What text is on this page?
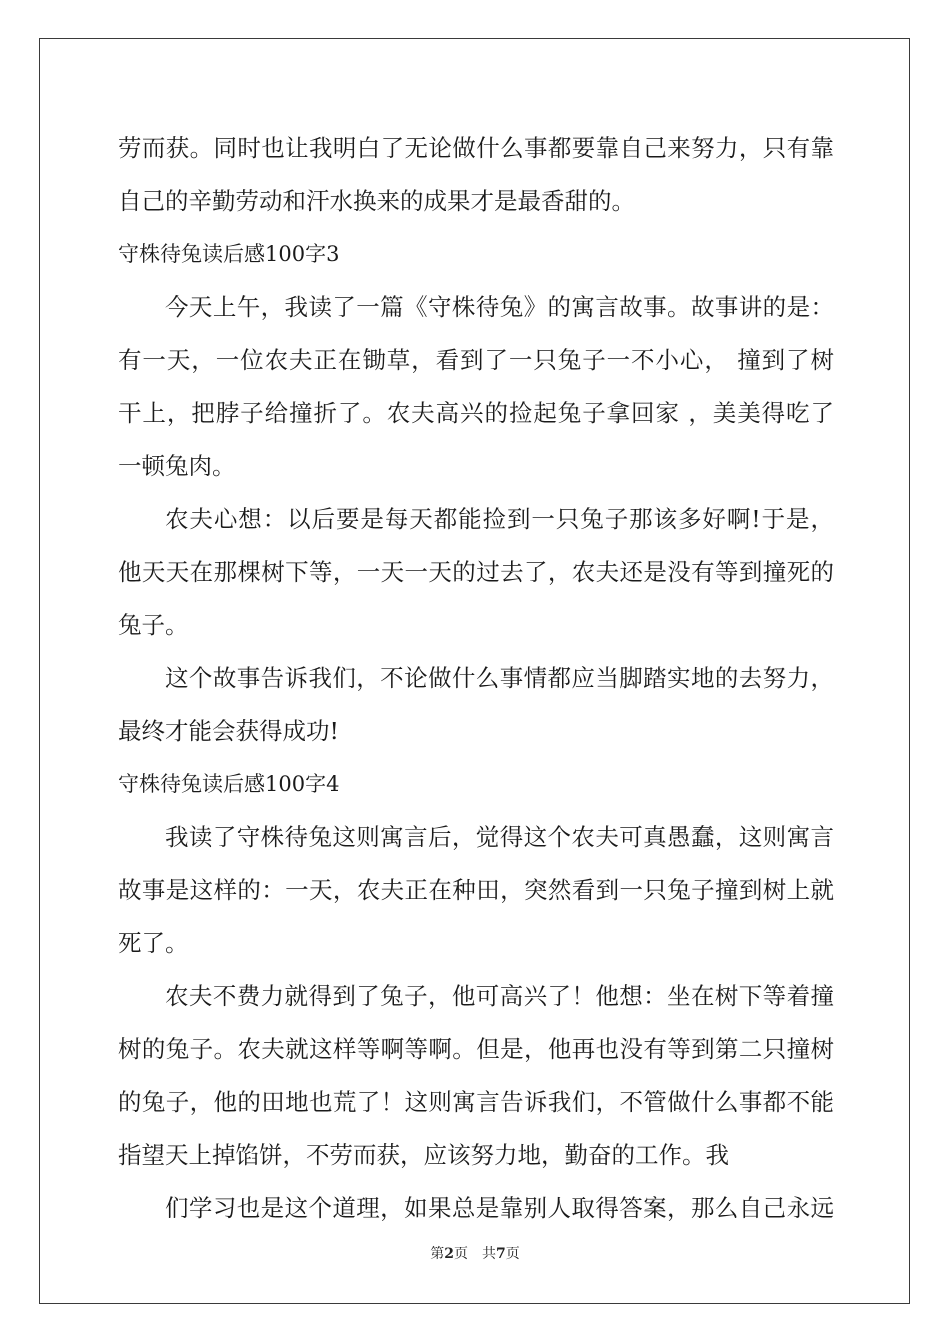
劳而获。同时也让我明白了无论做什么事都要靠自己来努力，只有靠
自己的辛勤劳动和汗水换来的成果才是最香甜的。
守株待兔读后感100字3
今天上午，我读了一篇《守株待兔》的寓言故事。故事讲的是：
有一天，一位农夫正在锄草，看到了一只兔子一不小心， 撞到了树
干上，把脖子给撞折了。农夫高兴的捡起兔子拿回家 ，美美得吃了
一顿兔肉。
农夫心想：以后要是每天都能捡到一只兔子那该多好啊!于是，
他天天在那棵树下等，一天一天的过去了，农夫还是没有等到撞死的
兔子。
这个故事告诉我们，不论做什么事情都应当脚踏实地的去努力，
最终才能会获得成功!
守株待兔读后感100字4
我读了守株待兔这则寓言后，觉得这个农夫可真愚蠢，这则寓言
故事是这样的：一天，农夫正在种田，突然看到一只兔子撞到树上就
死了。
农夫不费力就得到了兔子，他可高兴了！他想：坐在树下等着撞
树的兔子。农夫就这样等啊等啊。但是，他再也没有等到第二只撞树
的兔子，他的田地也荒了！这则寓言告诉我们，不管做什么事都不能
指望天上掉馅饼，不劳而获，应该努力地，勤奋的工作。我
们学习也是这个道理，如果总是靠别人取得答案，那么自己永远
第2页　共7页
